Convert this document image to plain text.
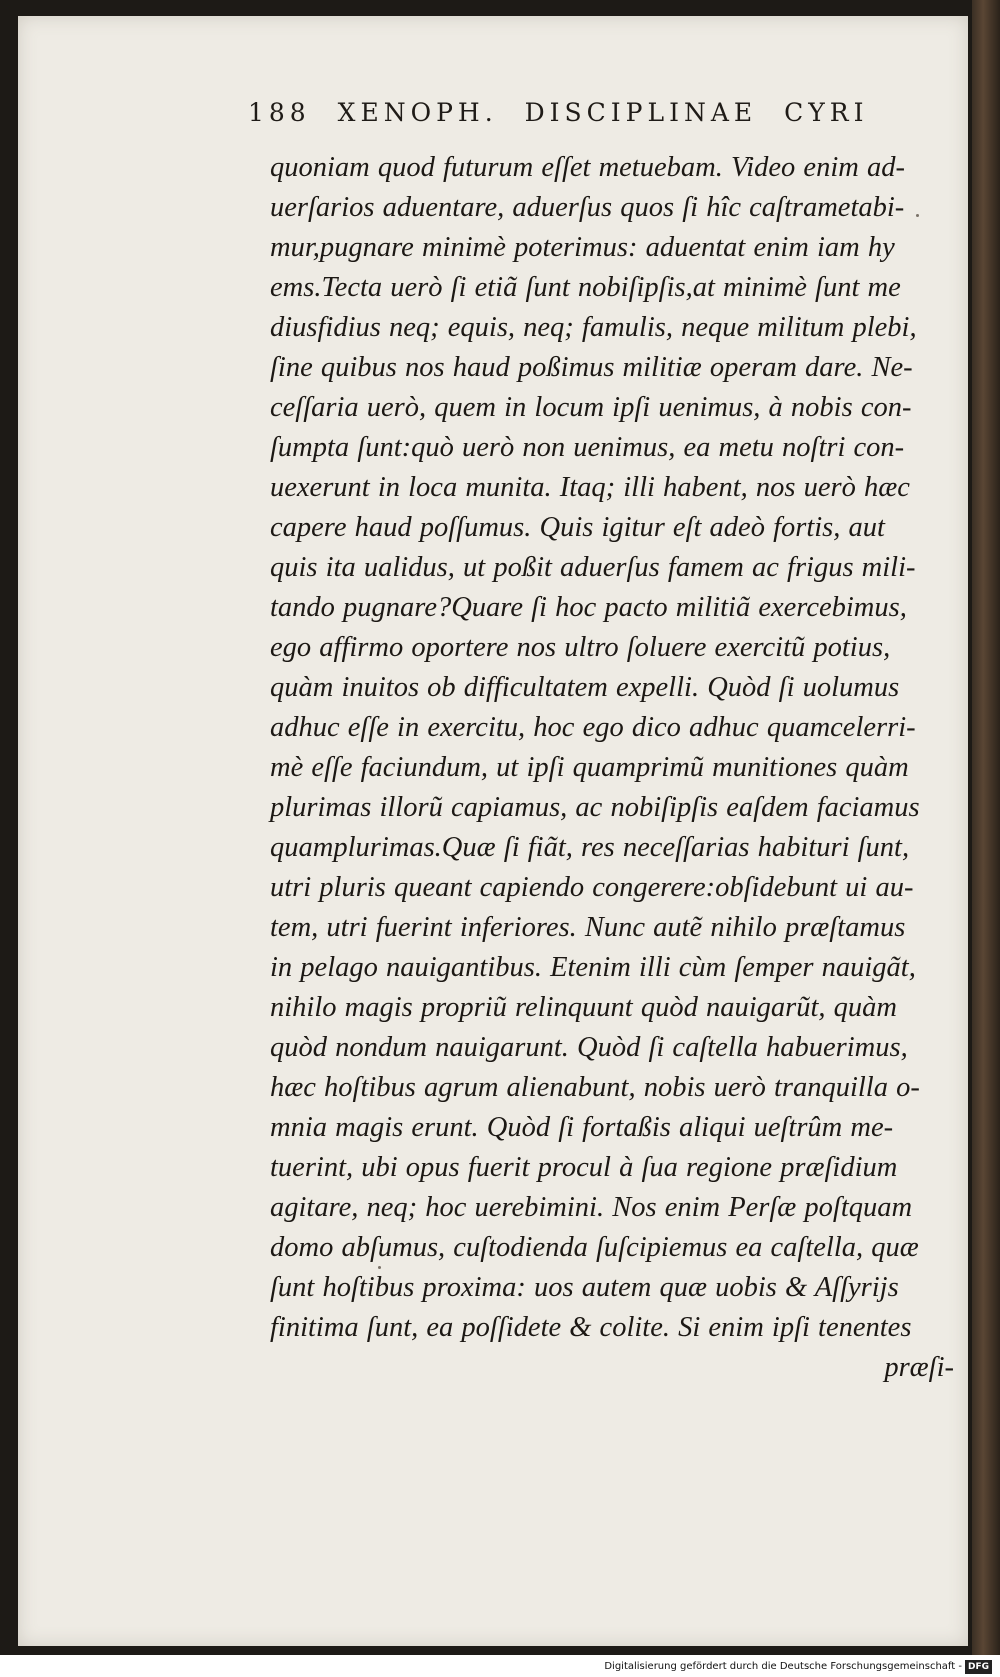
188 XENOPH. DISCIPLINAE CYRI
quoniam quod futurum eſſet metuebam. Video enim ad-
uerſarios aduentare, aduerſus quos ſi hîc caſtrametabi-
mur,pugnare minimè poterimus: aduentat enim iam hy
ems.Tecta uerò ſi etiã ſunt nobiſipſis,at minimè ſunt me
diusfidius neq; equis, neq; famulis, neque militum plebi,
ſine quibus nos haud poßimus militiæ operam dare. Ne-
ceſſaria uerò, quem in locum ipſi uenimus, à nobis con-
ſumpta ſunt:quò uerò non uenimus, ea metu noſtri con-
uexerunt in loca munita. Itaq; illi habent, nos uerò hæc
capere haud poſſumus. Quis igitur eſt adeò fortis, aut
quis ita ualidus, ut poßit aduerſus famem ac frigus mili-
tando pugnare?Quare ſi hoc pacto militiã exercebimus,
ego affirmo oportere nos ultro ſoluere exercitũ potius,
quàm inuitos ob difficultatem expelli. Quòd ſi uolumus
adhuc eſſe in exercitu, hoc ego dico adhuc quamcelerri-
mè eſſe faciundum, ut ipſi quamprimũ munitiones quàm
plurimas illorũ capiamus, ac nobiſipſis eaſdem faciamus
quamplurimas.Quæ ſi fiãt, res neceſſarias habituri ſunt,
utri pluris queant capiendo congerere:obſidebunt ui au-
tem, utri fuerint inferiores. Nunc autẽ nihilo præſtamus
in pelago nauigantibus. Etenim illi cùm ſemper nauigãt,
nihilo magis propriũ relinquunt quòd nauigarũt, quàm
quòd nondum nauigarunt. Quòd ſi caſtella habuerimus,
hæc hoſtibus agrum alienabunt, nobis uerò tranquilla o-
mnia magis erunt. Quòd ſi fortaßis aliqui ueſtrûm me-
tuerint, ubi opus fuerit procul à ſua regione præſidium
agitare, neq; hoc uerebimini. Nos enim Perſæ poſtquam
domo abſumus, cuſtodienda ſuſcipiemus ea caſtella, quæ
ſunt hoſtibus proxima: uos autem quæ uobis & Aſſyrijs
finitima ſunt, ea poſſidete & colite. Si enim ipſi tenentes
præſi-
Digitalisierung gefördert durch die Deutsche Forschungsgemeinschaft - DFG
